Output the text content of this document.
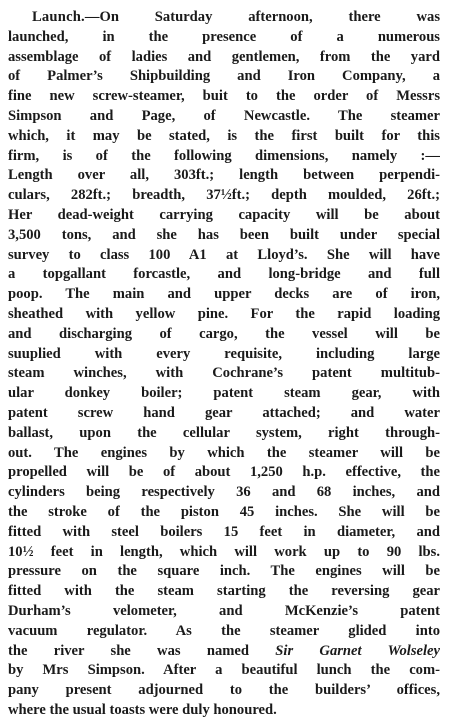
Launch.—On Saturday afternoon, there was
launched, in the presence of a numerous
assemblage of ladies and gentlemen, from the yard
of Palmer’s Shipbuilding and Iron Company, a
fine new screw-steamer, buit to the order of Messrs
Simpson and Page, of Newcastle. The steamer
which, it may be stated, is the first built for this
firm, is of the following dimensions, namely :—
Length over all, 303ft.; length between perpendi-
culars, 282ft.; breadth, 37½ft.; depth moulded, 26ft.;
Her dead-weight carrying capacity will be about
3,500 tons, and she has been built under special
survey to class 100 A1 at Lloyd’s. She will have
a topgallant forcastle, and long-bridge and full
poop. The main and upper decks are of iron,
sheathed with yellow pine. For the rapid loading
and discharging of cargo, the vessel will be
suuplied with every requisite, including large
steam winches, with Cochrane’s patent multitub-
ular donkey boiler; patent steam gear, with
patent screw hand gear attached; and water
ballast, upon the cellular system, right through-
out. The engines by which the steamer will be
propelled will be of about 1,250 h.p. effective, the
cylinders being respectively 36 and 68 inches, and
the stroke of the piston 45 inches. She will be
fitted with steel boilers 15 feet in diameter, and
10½ feet in length, which will work up to 90 lbs.
pressure on the square inch. The engines will be
fitted with the steam starting the reversing gear
Durham’s velometer, and McKenzie’s patent
vacuum regulator. As the steamer glided into
the river she was named Sir Garnet Wolseley
by Mrs Simpson. After a beautiful lunch the com-
pany present adjourned to the builders’ offices,
where the usual toasts were duly honoured.
